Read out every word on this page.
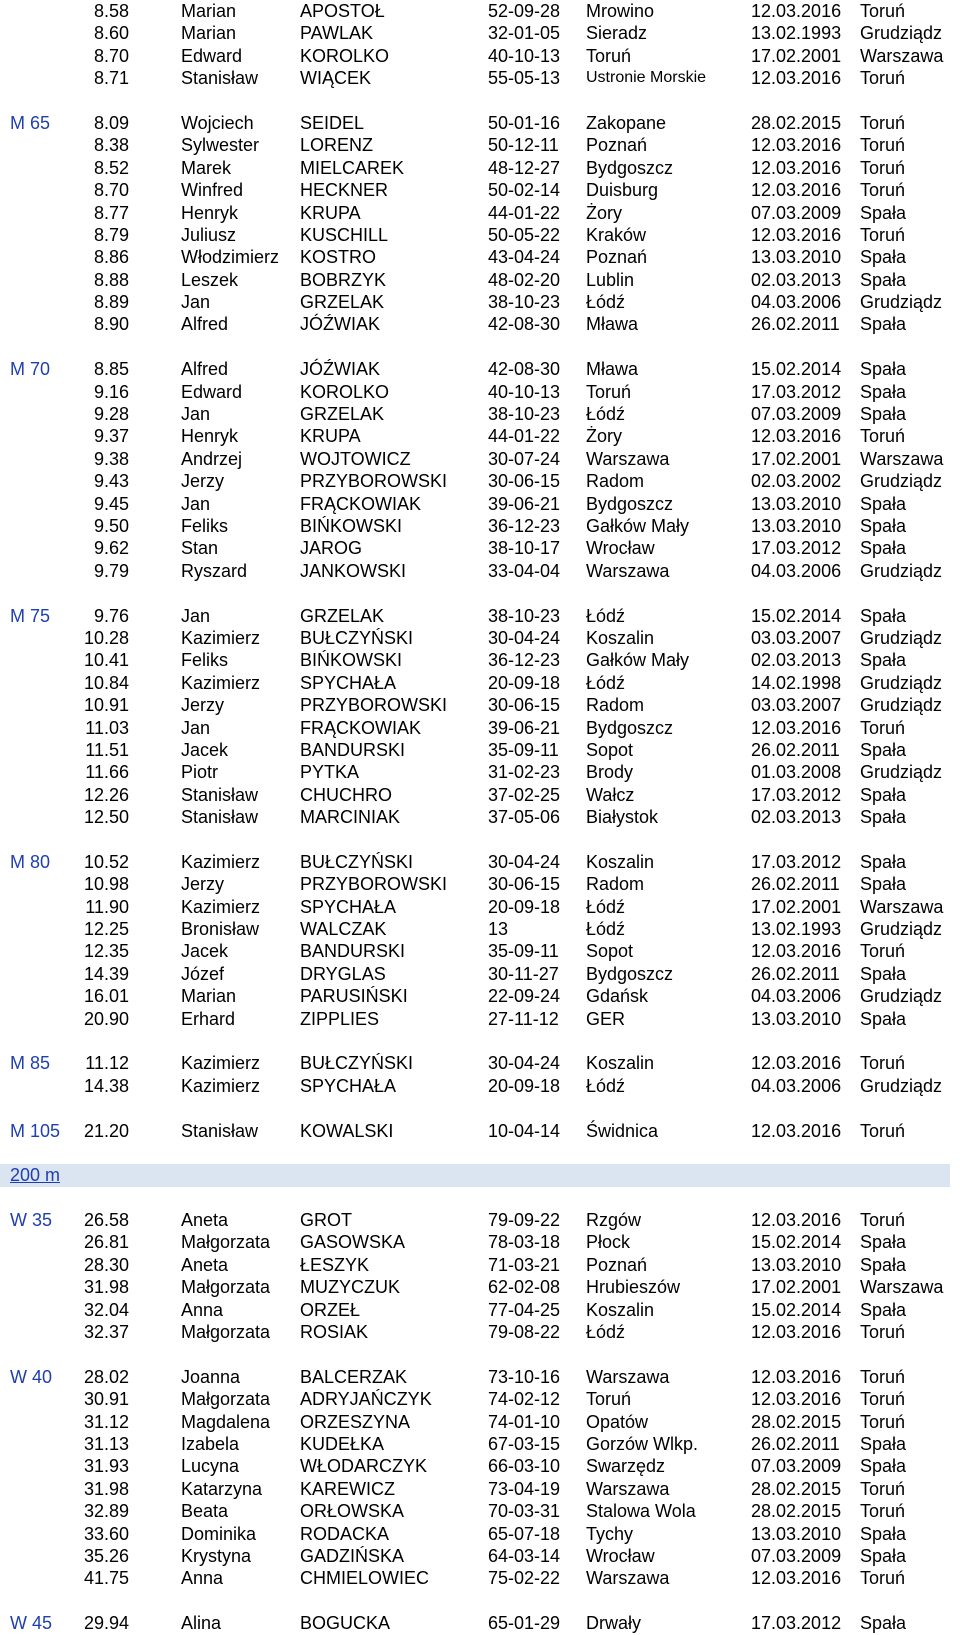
8.58	Marian	APOSTOŁ	52-09-28 Mrowino	12.03.2016 Toruń
8.60	Marian	PAWLAK	32-01-05 Sieradz	13.02.1993 Grudziądz
8.70	Edward	KOROLKO	40-10-13 Toruń	17.02.2001 Warszawa
8.71	Stanisław WIĄCEK	55-05-13 Ustronie Morskie 12.03.2016 Toruń
M 65	8.09	Wojciech	SEIDEL	50-01-16 Zakopane	28.02.2015 Toruń
8.38	Sylwester LORENZ	50-12-11 Poznań	12.03.2016 Toruń
8.52	Marek	MIELCAREK	48-12-27 Bydgoszcz	12.03.2016 Toruń
8.70	Winfred	HECKNER	50-02-14 Duisburg	12.03.2016 Toruń
8.77	Henryk	KRUPA	44-01-22 Żory	07.03.2009 Spała
8.79	Juliusz	KUSCHILL	50-05-22 Kraków	12.03.2016 Toruń
8.86	Włodzimierz KOSTRO	43-04-24 Poznań	13.03.2010 Spała
8.88	Leszek	BOBRZYK	48-02-20 Lublin	02.03.2013 Spała
8.89	Jan	GRZELAK	38-10-23 Łódź	04.03.2006 Grudziądz
8.90	Alfred	JÓŹWIAK	42-08-30 Mława	26.02.2011 Spała
M 70	8.85	Alfred	JÓŹWIAK	42-08-30 Mława	15.02.2014 Spała
9.16	Edward	KOROLKO	40-10-13 Toruń	17.03.2012 Spała
9.28	Jan	GRZELAK	38-10-23 Łódź	07.03.2009 Spała
9.37	Henryk	KRUPA	44-01-22 Żory	12.03.2016 Toruń
9.38	Andrzej	WOJTOWICZ	30-07-24 Warszawa	17.02.2001 Warszawa
9.43	Jerzy	PRZYBOROWSKI 30-06-15 Radom	02.03.2002 Grudziądz
9.45	Jan	FRĄCKOWIAK	39-06-21 Bydgoszcz	13.03.2010 Spała
9.50	Feliks	BIŃKOWSKI	36-12-23 Gałków Mały	13.03.2010 Spała
9.62	Stan	JAROG	38-10-17 Wrocław	17.03.2012 Spała
9.79	Ryszard	JANKOWSKI	33-04-04 Warszawa	04.03.2006 Grudziądz
M 75	9.76	Jan	GRZELAK	38-10-23 Łódź	15.02.2014 Spała
10.28	Kazimierz BUŁCZYŃSKI	30-04-24 Koszalin	03.03.2007 Grudziądz
10.41	Feliks	BIŃKOWSKI	36-12-23 Gałków Mały	02.03.2013 Spała
10.84	Kazimierz SPYCHAŁA	20-09-18 Łódź	14.02.1998 Grudziądz
10.91	Jerzy	PRZYBOROWSKI 30-06-15 Radom	03.03.2007 Grudziądz
11.03	Jan	FRĄCKOWIAK	39-06-21 Bydgoszcz	12.03.2016 Toruń
11.51	Jacek	BANDURSKI	35-09-11 Sopot	26.02.2011 Spała
11.66	Piotr	PYTKA	31-02-23 Brody	01.03.2008 Grudziądz
12.26	Stanisław CHUCHRO	37-02-25 Wałcz	17.03.2012 Spała
12.50	Stanisław MARCINIAK	37-05-06 Białystok	02.03.2013 Spała
M 80 10.52	Kazimierz BUŁCZYŃSKI	30-04-24 Koszalin	17.03.2012 Spała
10.98	Jerzy	PRZYBOROWSKI 30-06-15 Radom	26.02.2011 Spała
11.90	Kazimierz SPYCHAŁA	20-09-18 Łódź	17.02.2001 Warszawa
12.25	Bronisław WALCZAK	13	Łódź	13.02.1993 Grudziądz
12.35	Jacek	BANDURSKI	35-09-11 Sopot	12.03.2016 Toruń
14.39	Józef	DRYGLAS	30-11-27 Bydgoszcz	26.02.2011 Spała
16.01	Marian	PARUSIŃSKI	22-09-24 Gdańsk	04.03.2006 Grudziądz
20.90	Erhard	ZIPPLIES	27-11-12 GER	13.03.2010 Spała
M 85	11.12	Kazimierz BUŁCZYŃSKI	30-04-24 Koszalin	12.03.2016 Toruń
14.38	Kazimierz SPYCHAŁA	20-09-18 Łódź	04.03.2006 Grudziądz
M 105 21.20	Stanisław KOWALSKI	10-04-14 Świdnica	12.03.2016 Toruń
200 m
W 35 26.58	Aneta	GROT	79-09-22 Rzgów	12.03.2016 Toruń
26.81	Małgorzata GASOWSKA	78-03-18 Płock	15.02.2014 Spała
28.30	Aneta	ŁESZYK	71-03-21 Poznań	13.03.2010 Spała
31.98	Małgorzata MUZYCZUK	62-02-08 Hrubieszów	17.02.2001 Warszawa
32.04	Anna	ORZEŁ	77-04-25 Koszalin	15.02.2014 Spała
32.37	Małgorzata ROSIAK	79-08-22 Łódź	12.03.2016 Toruń
W 40 28.02	Joanna	BALCERZAK	73-10-16 Warszawa	12.03.2016 Toruń
30.91	Małgorzata ADRYJAŃCZYK	74-02-12 Toruń	12.03.2016 Toruń
31.12	Magdalena ORZESZYNA	74-01-10 Opatów	28.02.2015 Toruń
31.13	Izabela	KUDEŁKA	67-03-15 Gorzów Wlkp.	26.02.2011 Spała
31.93	Lucyna	WŁODARCZYK	66-03-10 Swarzędz	07.03.2009 Spała
31.98	Katarzyna KAREWICZ	73-04-19 Warszawa	28.02.2015 Toruń
32.89	Beata	ORŁOWSKA	70-03-31 Stalowa Wola	28.02.2015 Toruń
33.60	Dominika RODACKA	65-07-18 Tychy	13.03.2010 Spała
35.26	Krystyna	GADZIŃSKA	64-03-14 Wrocław	07.03.2009 Spała
41.75	Anna	CHMIELOWIEC	75-02-22 Warszawa	12.03.2016 Toruń
W 45 29.94	Alina	BOGUCKA	65-01-29 Drwały	17.03.2012 Spała
